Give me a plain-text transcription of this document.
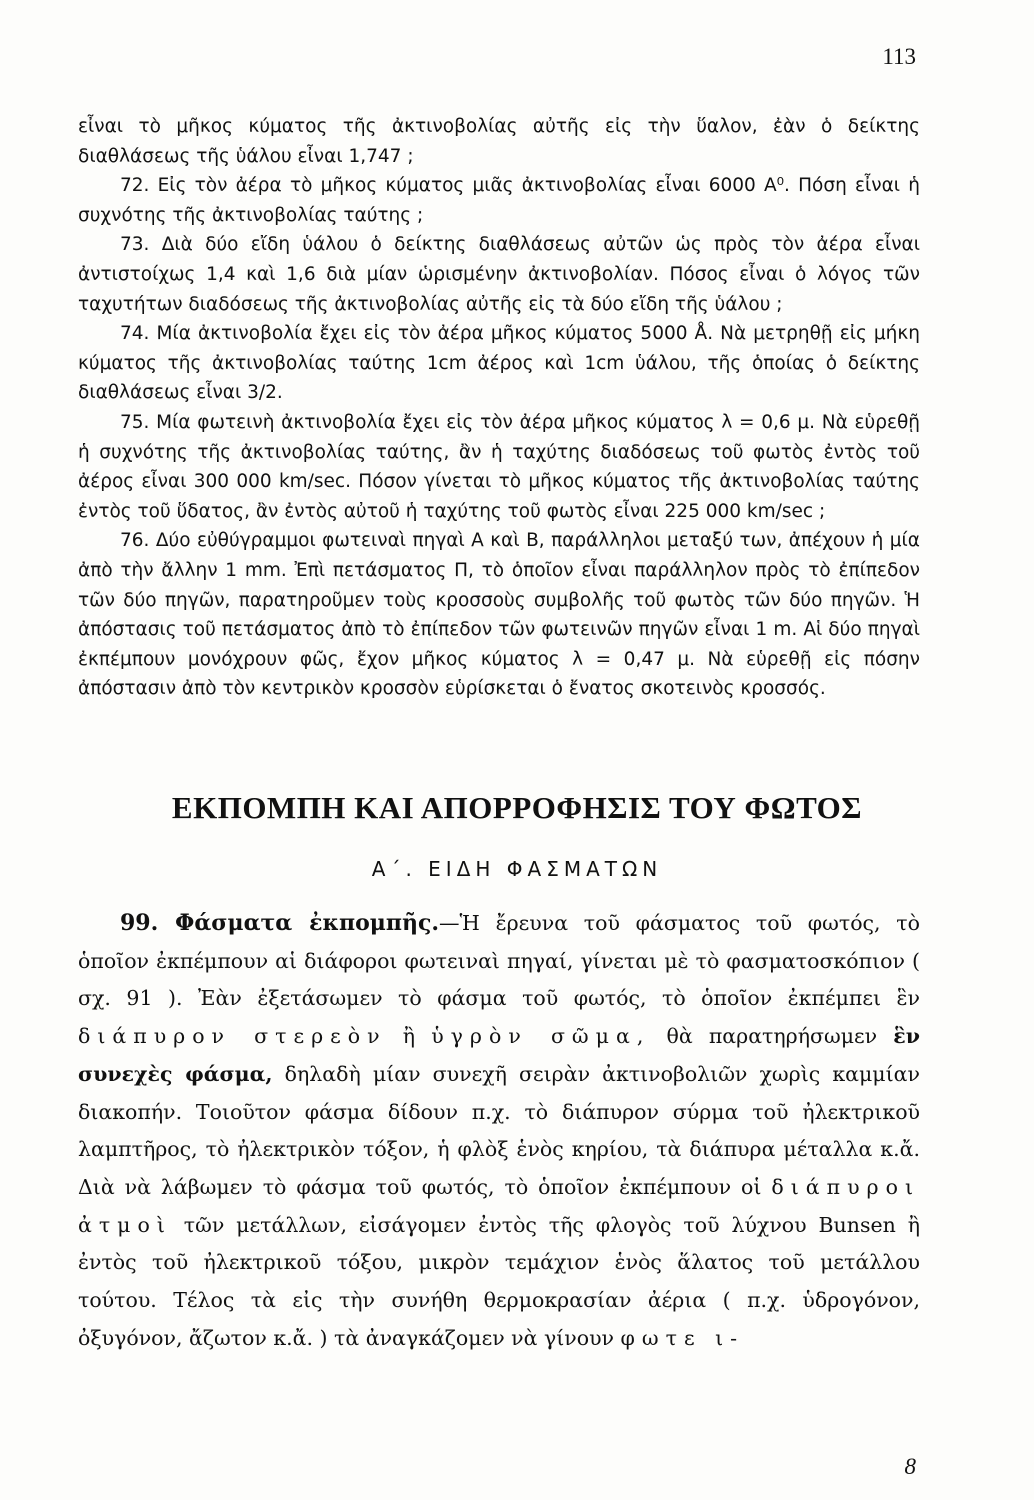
113

εἶναι τὸ μῆκος κύματος τῆς ἀκτινοβολίας αὐτῆς εἰς τὴν ὕαλον, ἐὰν ὁ δείκτης διαθλάσεως τῆς ὑάλου εἶναι 1,747 ;

72. Εἰς τὸν ἀέρα τὸ μῆκος κύματος μιᾶς ἀκτινοβολίας εἶναι 6000 A⁰. Πόση εἶναι ἡ συχνότης τῆς ἀκτινοβολίας ταύτης ;

73. Διὰ δύο εἴδη ὑάλου ὁ δείκτης διαθλάσεως αὐτῶν ὡς πρὸς τὸν ἀέρα εἶναι ἀντιστοίχως 1,4 καὶ 1,6 διὰ μίαν ὡρισμένην ἀκτινοβολίαν. Πόσος εἶναι ὁ λόγος τῶν ταχυτήτων διαδόσεως τῆς ἀκτινοβολίας αὐτῆς εἰς τὰ δύο εἴδη τῆς ὑάλου ;

74. Μία ἀκτινοβολία ἔχει εἰς τὸν ἀέρα μῆκος κύματος 5000 Å. Νὰ μετρηθῇ εἰς μήκη κύματος τῆς ἀκτινοβολίας ταύτης 1cm ἀέρος καὶ 1cm ὑάλου, τῆς ὁποίας ὁ δείκτης διαθλάσεως εἶναι 3/2.

75. Μία φωτεινὴ ἀκτινοβολία ἔχει εἰς τὸν ἀέρα μῆκος κύματος λ = 0,6 μ. Νὰ εὑρεθῇ ἡ συχνότης τῆς ἀκτινοβολίας ταύτης, ἂν ἡ ταχύτης διαδόσεως τοῦ φωτὸς ἐντὸς τοῦ ἀέρος εἶναι 300 000 km/sec. Πόσον γίνεται τὸ μῆκος κύματος τῆς ἀκτινοβολίας ταύτης ἐντὸς τοῦ ὕδατος, ἂν ἐντὸς αὐτοῦ ἡ ταχύτης τοῦ φωτὸς εἶναι 225 000 km/sec ;

76. Δύο εὐθύγραμμοι φωτειναὶ πηγαὶ Α καὶ Β, παράλληλοι μεταξύ των, ἀπέχουν ἡ μία ἀπὸ τὴν ἄλλην 1 mm. Ἐπὶ πετάσματος Π, τὸ ὁποῖον εἶναι παράλληλον πρὸς τὸ ἐπίπεδον τῶν δύο πηγῶν, παρατηροῦμεν τοὺς κροσσοὺς συμβολῆς τοῦ φωτὸς τῶν δύο πηγῶν. Ἡ ἀπόστασις τοῦ πετάσματος ἀπὸ τὸ ἐπίπεδον τῶν φωτεινῶν πηγῶν εἶναι 1 m. Αἱ δύο πηγαὶ ἐκπέμπουν μονόχρουν φῶς, ἔχον μῆκος κύματος λ = 0,47 μ. Νὰ εὑρεθῇ εἰς πόσην ἀπόστασιν ἀπὸ τὸν κεντρικὸν κροσσὸν εὑρίσκεται ὁ ἔνατος σκοτεινὸς κροσσός.

ΕΚΠΟΜΠΗ ΚΑΙ ΑΠΟΡΡΟΦΗΣΙΣ ΤΟΥ ΦΩΤΟΣ
Α΄. ΕΙΔΗ ΦΑΣΜΑΤΩΝ

99. Φάσματα ἐκπομπῆς.—Ἡ ἔρευνα τοῦ φάσματος τοῦ φωτός, τὸ ὁποῖον ἐκπέμπουν αἱ διάφοροι φωτειναὶ πηγαί, γίνεται μὲ τὸ φασματοσκόπιον ( σχ. 91 ). Ἐὰν ἐξετάσωμεν τὸ φάσμα τοῦ φωτός, τὸ ὁποῖον ἐκπέμπει ἓν διάπυρον στερεὸν ἢ ὑγρὸν σῶμα, θὰ παρατηρήσωμεν ἓν συνεχὲς φάσμα, δηλαδὴ μίαν συνεχῆ σειρὰν ἀκτινοβολιῶν χωρὶς καμμίαν διακοπήν. Τοιοῦτον φάσμα δίδουν π.χ. τὸ διάπυρον σύρμα τοῦ ἠλεκτρικοῦ λαμπτῆρος, τὸ ἠλεκτρικὸν τόξον, ἡ φλὸξ ἑνὸς κηρίου, τὰ διάπυρα μέταλλα κ.ἄ. Διὰ νὰ λάβωμεν τὸ φάσμα τοῦ φωτός, τὸ ὁποῖον ἐκπέμπουν οἱ διάπυροι ἀτμοὶ τῶν μετάλλων, εἰσάγομεν ἐντὸς τῆς φλογὸς τοῦ λύχνου Bunsen ἢ ἐντὸς τοῦ ἠλεκτρικοῦ τόξου, μικρὸν τεμάχιον ἑνὸς ἅλατος τοῦ μετάλλου τούτου. Τέλος τὰ εἰς τὴν συνήθη θερμοκρασίαν ἀέρια ( π.χ. ὑδρογόνον, ὀξυγόνον, ἄζωτον κ.ἄ. ) τὰ ἀναγκάζομεν νὰ γίνουν φωτε ι-

8
